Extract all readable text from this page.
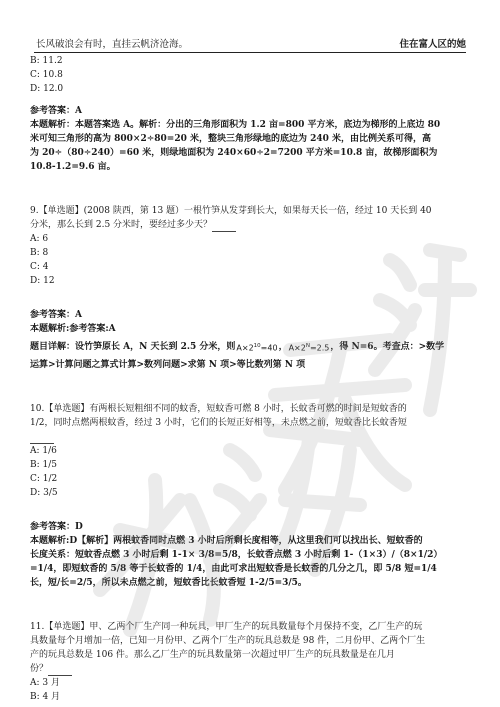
长风破浪会有时，直挂云帆济沧海。	住在富人区的她
B: 11.2
C: 10.8
D: 12.0
参考答案：A
本题解析：本题答案选 A。解析：分出的三角形面积为 1.2 亩=800 平方米，底边为梯形的上底边 80
米可知三角形的高为 800×2÷80=20 米，整块三角形绿地的底边为 240 米，由比例关系可得，高
为 20÷（80÷240）=60 米，则绿地面积为 240×60÷2=7200 平方米=10.8 亩，故梯形面积为
10.8-1.2=9.6 亩。
9.【单选题】(2008 陕西，第 13 题）一根竹笋从发芽到长大，如果每天长一倍，经过 10 天长到 40
分米，那么长到 2.5 分米时，要经过多少天？
A: 6
B: 8
C: 4
D: 12
参考答案：A
本题解析:参考答案:A
题目详解：设竹笋原长 A，N 天长到 2.5 分米，则 $A\times 2^{10}=40$ ， $A\times 2^N=2.5$ ，得 N=6。考查点：>数学
运算>计算问题之算式计算>数列问题>求第 N 项>等比数列第 N 项
10.【单选题】有两根长短粗细不同的蚊香，短蚊香可燃 8 小时，长蚊香可燃的时间是短蚊香的
1/2，同时点燃两根蚊香，经过 3 小时，它们的长短正好相等，未点燃之前，短蚊香比长蚊香短
A: 1/6
B: 1/5
C: 1/2
D: 3/5
参考答案：D
本题解析:D【解析】两根蚊香同时点燃 3 小时后所剩长度相等，从这里我们可以找出长、短蚊香的
长度关系：短蚊香点燃 3 小时后剩 1-1× 3/8=5/8，长蚊香点燃 3 小时后剩 1-（1×3）/（8×1/2）
=1/4，即短蚊香的 5/8 等于长蚊香的 1/4，由此可求出短蚊香是长蚊香的几分之几，即 5/8 短=1/4
长，短/长=2/5，所以未点燃之前，短蚊香比长蚊香短 1-2/5=3/5。
11.【单选题】甲、乙两个厂生产同一种玩具，甲厂生产的玩具数量每个月保持不变，乙厂生产的玩
具数量每个月增加一倍，已知一月份甲、乙两个厂生产的玩具总数是 98 件，二月份甲、乙两个厂生
产的玩具总数是 106 件。那么乙厂生产的玩具数量第一次超过甲厂生产的玩具数量是在几月
份？
A: 3 月
B: 4 月
